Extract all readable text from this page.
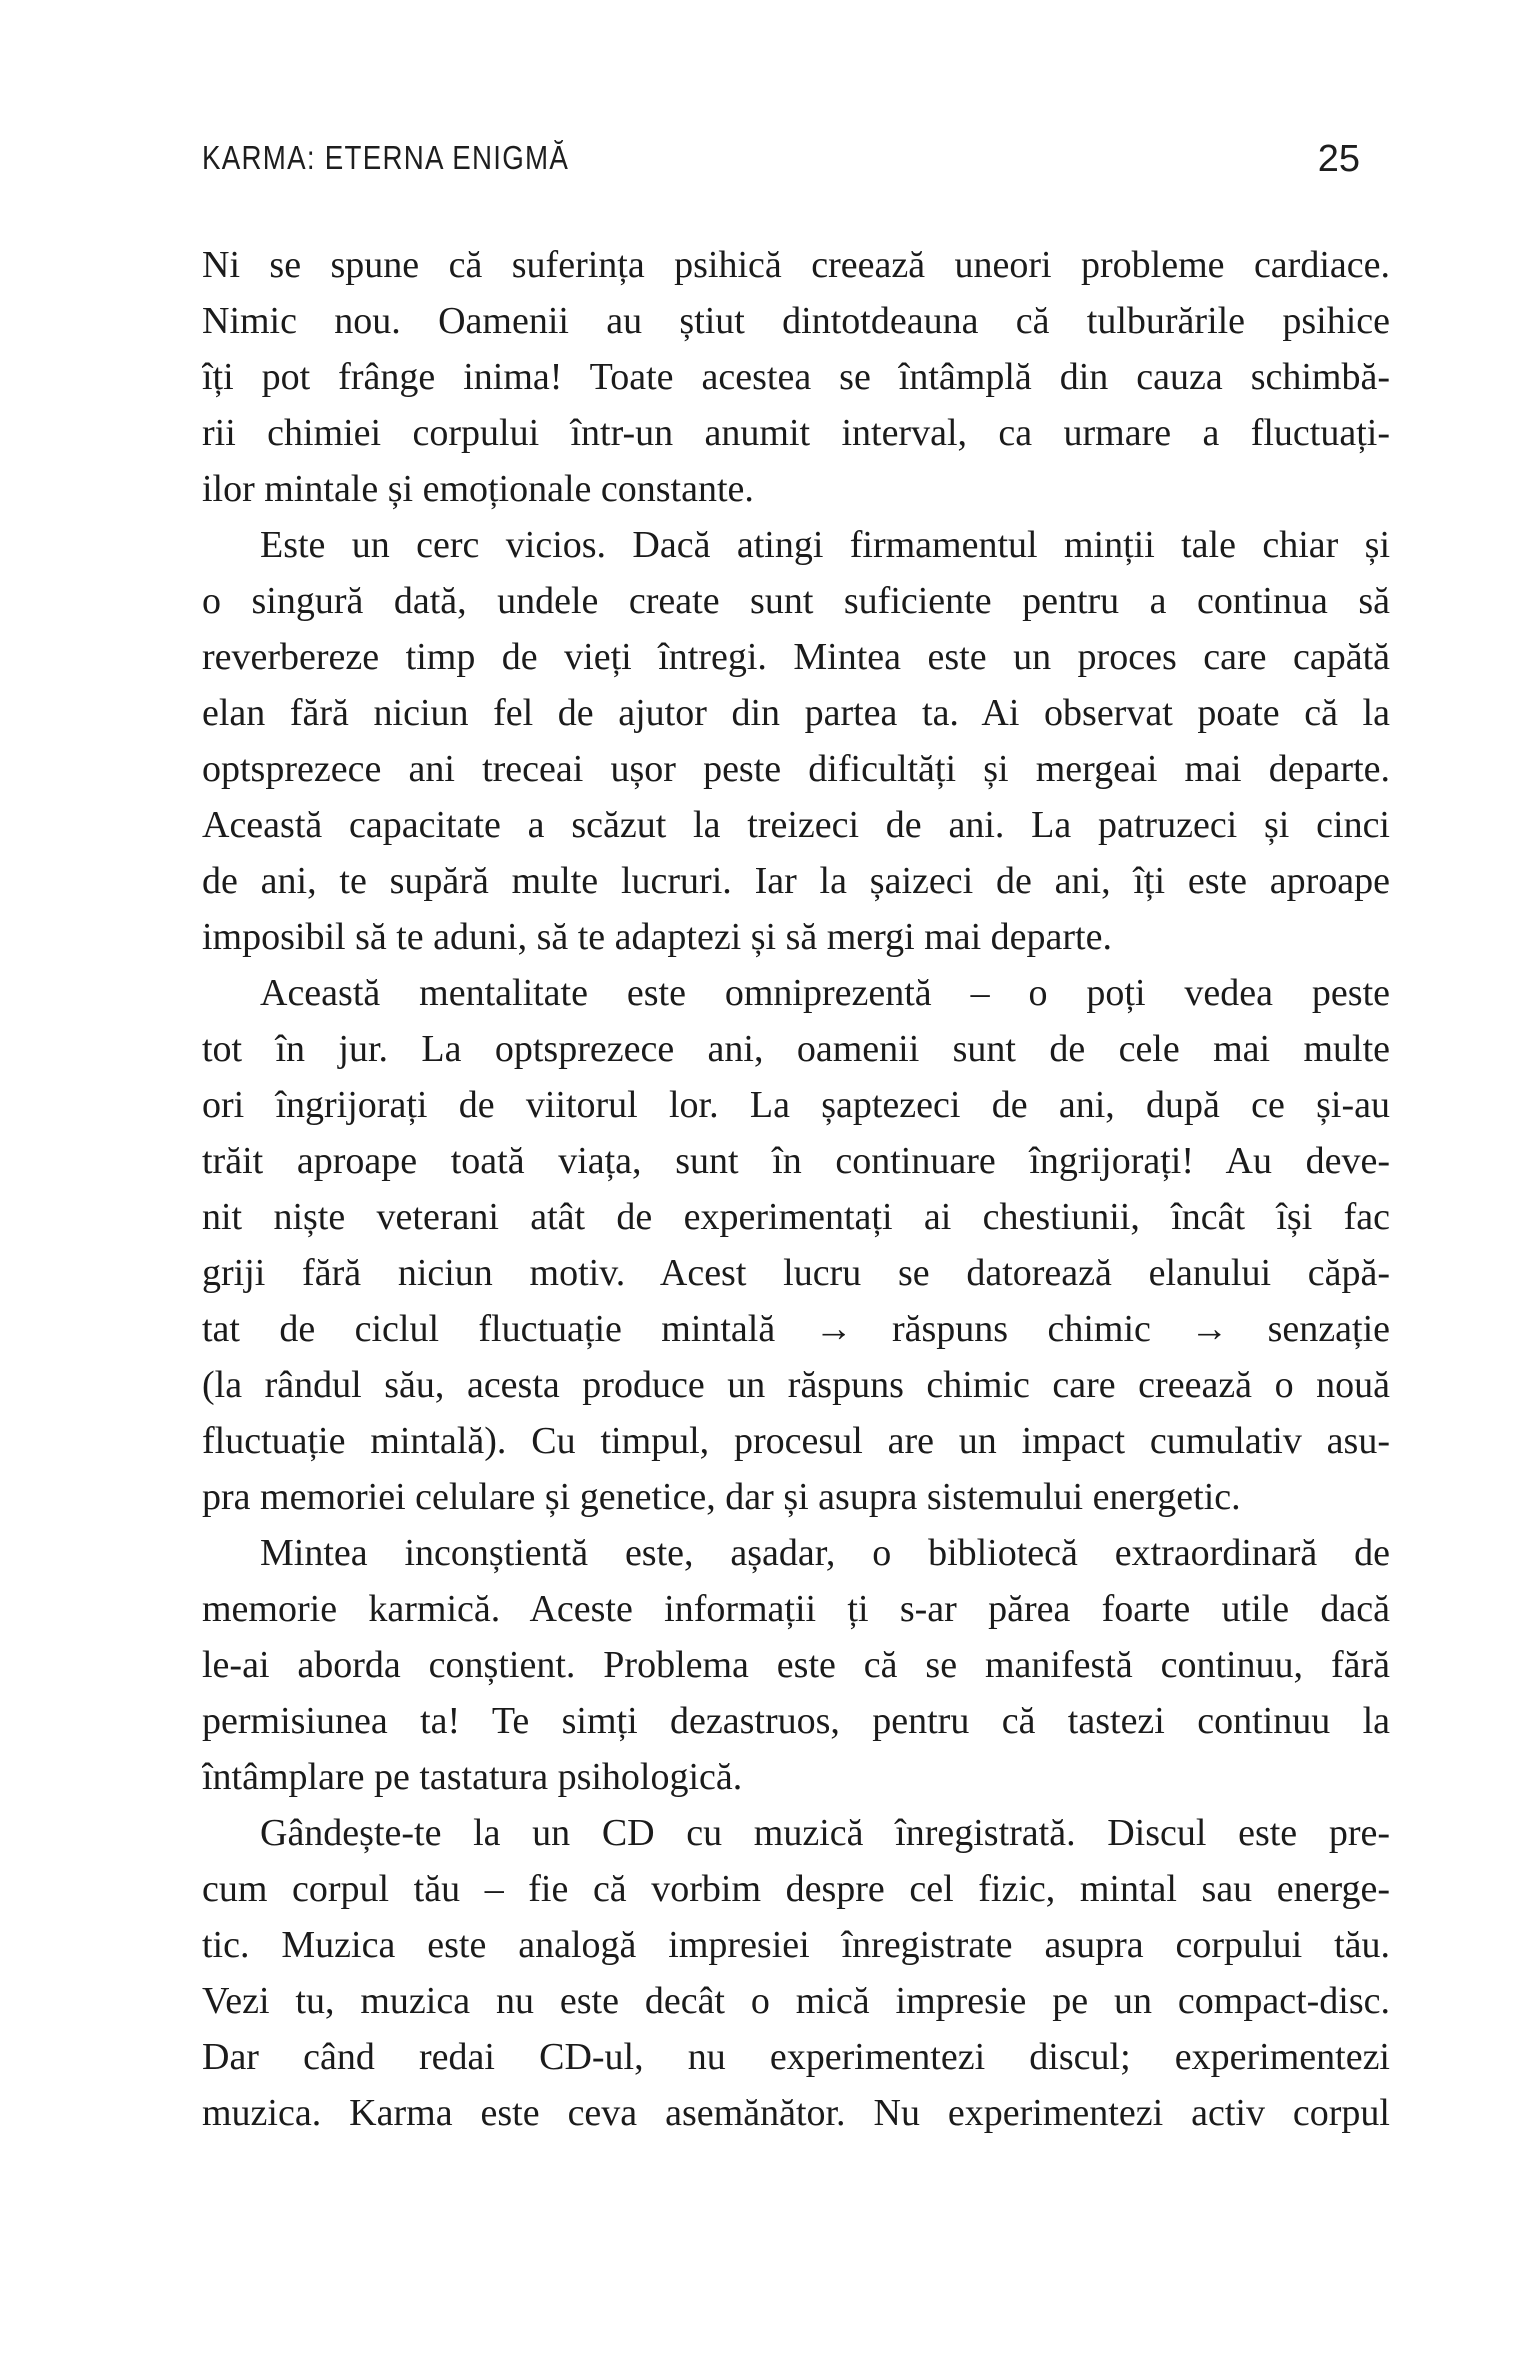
KARMA: ETERNA ENIGMĂ	25
Ni se spune că suferința psihică creează uneori probleme cardiace.
Nimic nou. Oamenii au știut dintotdeauna că tulburările psihice
îți pot frânge inima! Toate acestea se întâmplă din cauza schimbă-
rii chimiei corpului într-un anumit interval, ca urmare a fluctuați-
ilor mintale și emoționale constante.
Este un cerc vicios. Dacă atingi firmamentul minții tale chiar și
o singură dată, undele create sunt suficiente pentru a continua să
reverbereze timp de vieți întregi. Mintea este un proces care capătă
elan fără niciun fel de ajutor din partea ta. Ai observat poate că la
optsprezece ani treceai ușor peste dificultăți și mergeai mai departe.
Această capacitate a scăzut la treizeci de ani. La patruzeci și cinci
de ani, te supără multe lucruri. Iar la șaizeci de ani, îți este aproape
imposibil să te aduni, să te adaptezi și să mergi mai departe.
Această mentalitate este omniprezentă – o poți vedea peste
tot în jur. La optsprezece ani, oamenii sunt de cele mai multe
ori îngrijorați de viitorul lor. La șaptezeci de ani, după ce și-au
trăit aproape toată viața, sunt în continuare îngrijorați! Au deve-
nit niște veterani atât de experimentați ai chestiunii, încât își fac
griji fără niciun motiv. Acest lucru se datorează elanului căpă-
tat de ciclul fluctuație mintală → răspuns chimic → senzație
(la rândul său, acesta produce un răspuns chimic care creează o nouă
fluctuație mintală). Cu timpul, procesul are un impact cumulativ asu-
pra memoriei celulare și genetice, dar și asupra sistemului energetic.
Mintea inconștientă este, așadar, o bibliotecă extraordinară de
memorie karmică. Aceste informații ți s-ar părea foarte utile dacă
le-ai aborda conștient. Problema este că se manifestă continuu, fără
permisiunea ta! Te simți dezastruos, pentru că tastezi continuu la
întâmplare pe tastatura psihologică.
Gândește-te la un CD cu muzică înregistrată. Discul este pre-
cum corpul tău – fie că vorbim despre cel fizic, mintal sau energe-
tic. Muzica este analogă impresiei înregistrate asupra corpului tău.
Vezi tu, muzica nu este decât o mică impresie pe un compact-disc.
Dar când redai CD-ul, nu experimentezi discul; experimentezi
muzica. Karma este ceva asemănător. Nu experimentezi activ corpul
